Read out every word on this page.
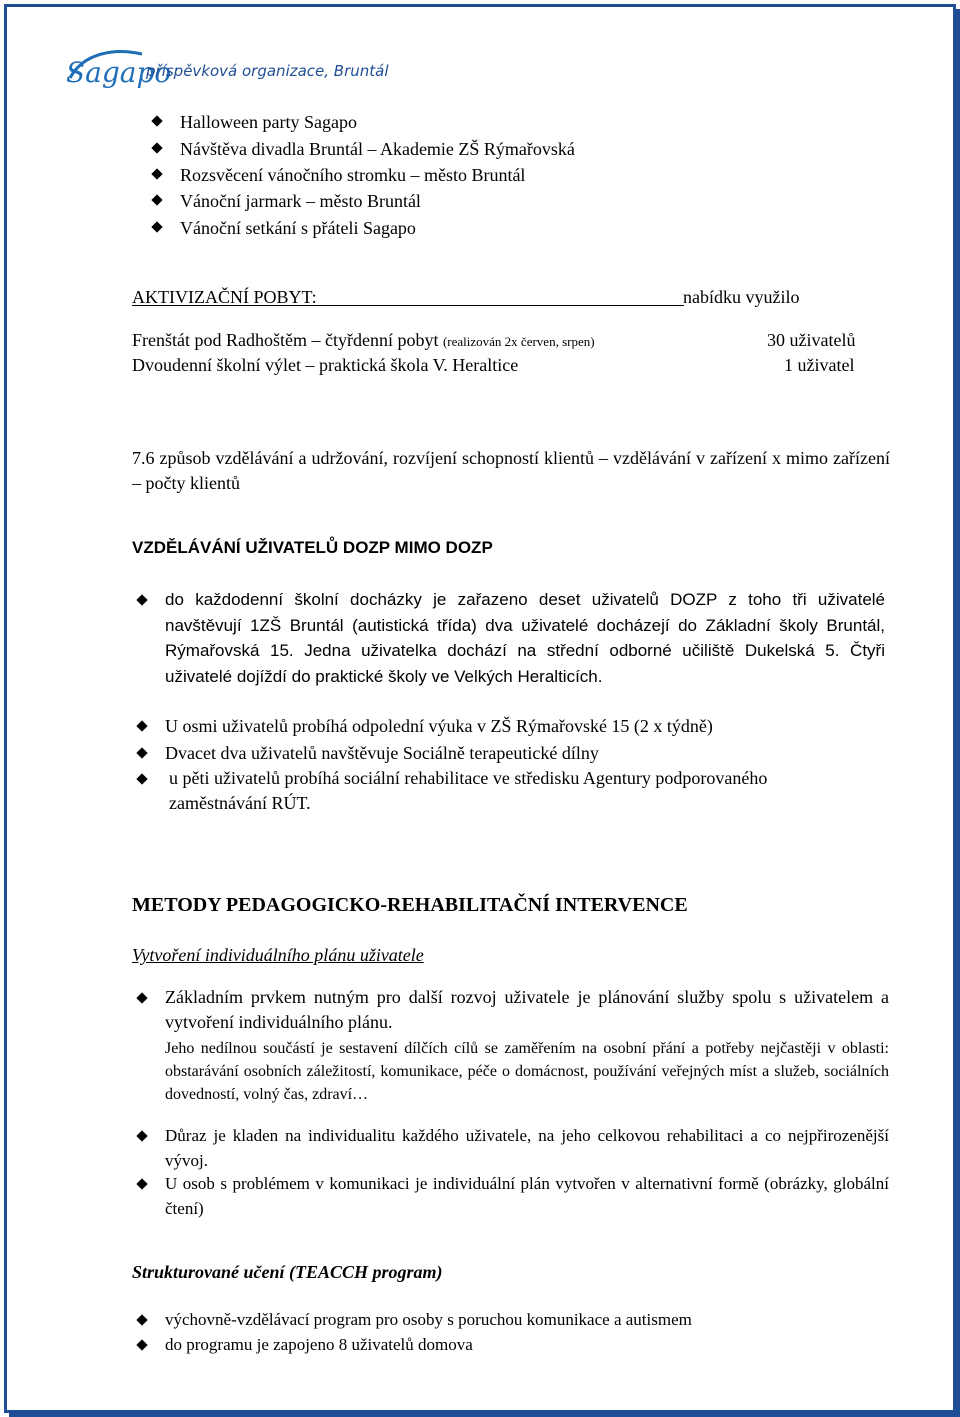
Sagapo
příspěvková organizace, Bruntál
Halloween party Sagapo
Návštěva divadla Bruntál – Akademie ZŠ Rýmařovská
Rozsvěcení vánočního stromku – město Bruntál
Vánoční jarmark – město Bruntál
Vánoční setkání s přáteli Sagapo
AKTIVIZAČNÍ POBYT:	nabídku využilo
Frenštát pod Radhoštěm – čtyřdenní pobyt (realizován 2x červen, srpen)	30 uživatelů
Dvoudenní školní výlet – praktická škola V. Heraltice	1 uživatel
7.6 způsob vzdělávání a udržování, rozvíjení schopností klientů – vzdělávání v zařízení x mimo zařízení – počty klientů
VZDĚLÁVÁNÍ UŽIVATELŮ DOZP MIMO DOZP
do každodenní školní docházky je zařazeno deset uživatelů DOZP z toho tři uživatelé navštěvují 1ZŠ Bruntál (autistická třída) dva uživatelé docházejí do Základní školy Bruntál, Rýmařovská 15. Jedna uživatelka dochází na střední odborné učiliště Dukelská 5. Čtyři uživatelé dojíždí do praktické školy ve Velkých Heralticích.
U osmi uživatelů probíhá odpolední výuka v ZŠ Rýmařovské 15 (2 x týdně)
Dvacet dva uživatelů navštěvuje Sociálně terapeutické dílny
u pěti uživatelů probíhá sociální rehabilitace ve středisku Agentury podporovaného zaměstnávání RÚT.
METODY PEDAGOGICKO-REHABILITAČNÍ INTERVENCE
Vytvoření individuálního plánu uživatele
Základním prvkem nutným pro další rozvoj uživatele je plánování služby spolu s uživatelem a vytvoření individuálního plánu.
Jeho nedílnou součástí je sestavení dílčích cílů se zaměřením na osobní přání a potřeby nejčastěji v oblasti: obstarávání osobních záležitostí, komunikace, péče o domácnost, používání veřejných míst a služeb, sociálních dovedností, volný čas, zdraví…
Důraz je kladen na individualitu každého uživatele, na jeho celkovou rehabilitaci a co nejpřirozenější vývoj.
U osob s problémem v komunikaci je individuální plán vytvořen v alternativní formě (obrázky, globální čtení)
Strukturované učení (TEACCH program)
výchovně-vzdělávací program pro osoby s poruchou komunikace a autismem
do programu je zapojeno 8 uživatelů domova
